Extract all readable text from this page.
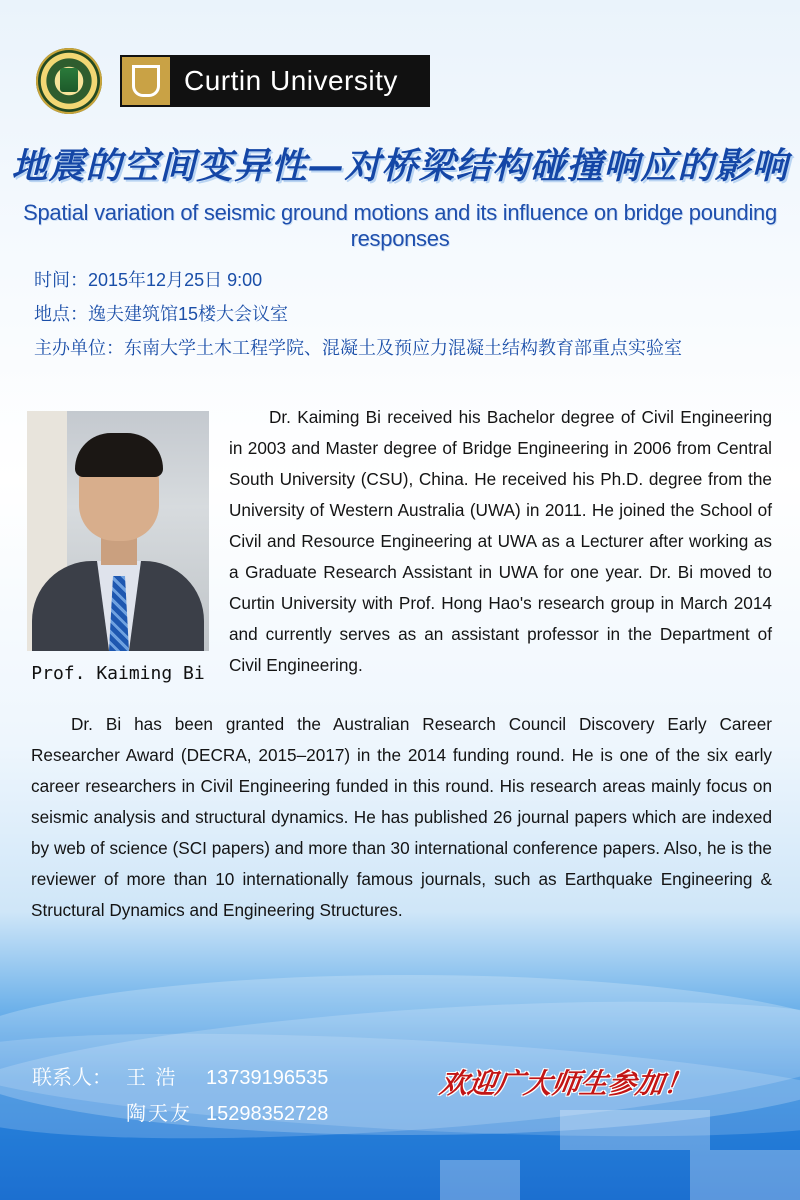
Curtin University
地震的空间变异性—对桥梁结构碰撞响应的影响
Spatial variation of seismic ground motions and its influence on bridge pounding responses
时间：2015年12月25日 9:00
地点：逸夫建筑馆15楼大会议室
主办单位：东南大学土木工程学院、混凝土及预应力混凝土结构教育部重点实验室
Prof. Kaiming Bi

Dr. Kaiming Bi received his Bachelor degree of Civil Engineering in 2003 and Master degree of Bridge Engineering in 2006 from Central South University (CSU), China. He received his Ph.D. degree from the University of Western Australia (UWA) in 2011. He joined the School of Civil and Resource Engineering at UWA as a Lecturer after working as a Graduate Research Assistant in UWA for one year. Dr. Bi moved to Curtin University with Prof. Hong Hao's research group in March 2014 and currently serves as an assistant professor in the Department of Civil Engineering.

Dr. Bi has been granted the Australian Research Council Discovery Early Career Researcher Award (DECRA, 2015–2017) in the 2014 funding round. He is one of the six early career researchers in Civil Engineering funded in this round. His research areas mainly focus on seismic analysis and structural dynamics. He has published 26 journal papers which are indexed by web of science (SCI papers) and more than 30 international conference papers. Also, he is the reviewer of more than 10 internationally famous journals, such as Earthquake Engineering & Structural Dynamics and Engineering Structures.

联系人： 王 浩 13739196535
陶天友 15298352728
欢迎广大师生参加！
